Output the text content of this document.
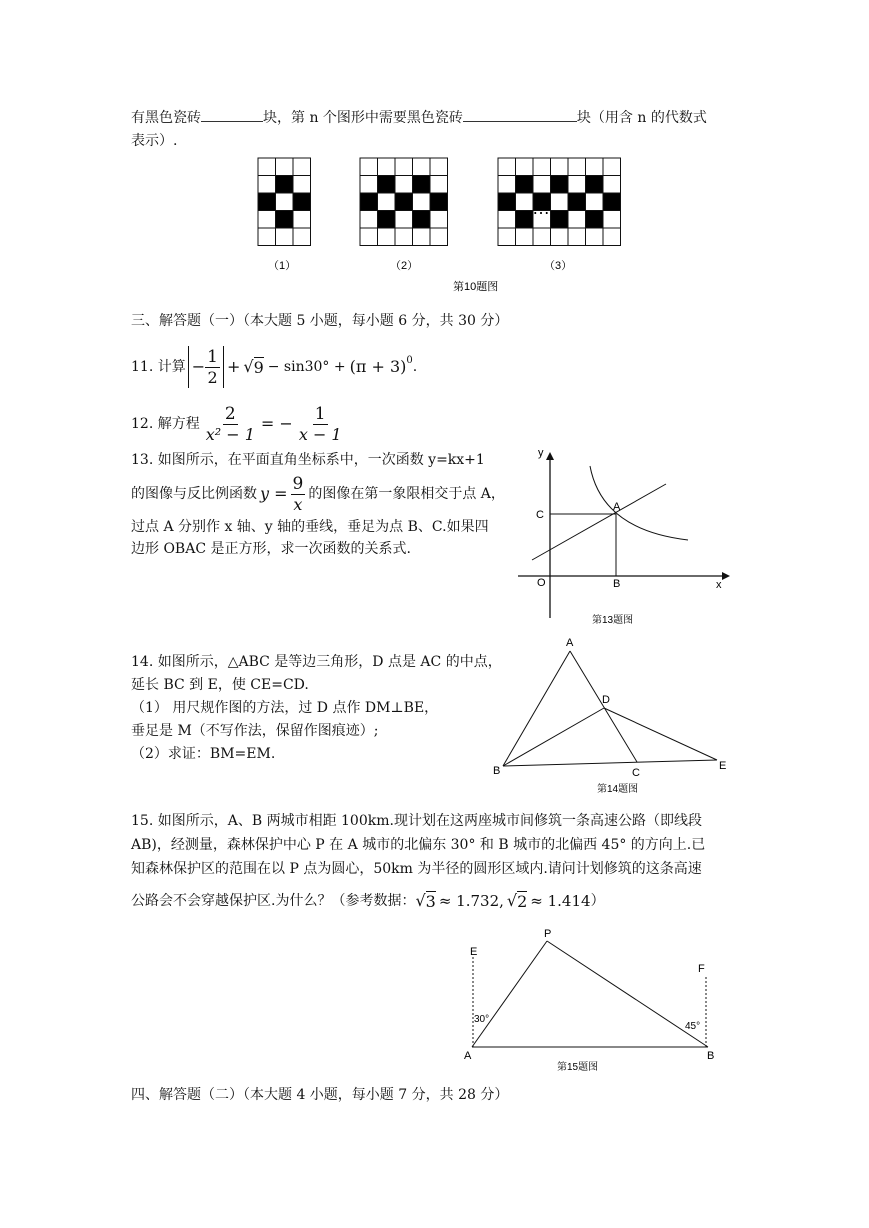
有黑色瓷砖	块，第 n 个图形中需要黑色瓷砖	块（用含 n 的代数式
表示）.
……
（1）	（2）	（3）
第10题图
三、解答题（一）（本大题 5 小题，每小题 6 分，共 30 分）
11. 计算 − $\frac{1}{2}$ + √ $9 - \sin 30^\circ + (\pi + 3)^0$ .
12. 解方程 $\frac{2}{\text{x² − 1}}$ = − $\frac{1}{x - 1}$
13. 如图所示，在平面直角坐标系中，一次函数 y=kx+1
的图像与反比例函数 $y = \frac{9}{x}$ 的图像在第一象限相交于点 A，
过点 A 分别作 x 轴、y 轴的垂线，垂足为点 B、C.如果四
边形 OBAC 是正方形，求一次函数的关系式.
y
x
O
A
C
B
第13题图
14. 如图所示，△ABC 是等边三角形，D 点是 AC 的中点，
延长 BC 到 E，使 CE=CD.
（1） 用尺规作图的方法，过 D 点作 DM⊥BE，
垂足是 M（不写作法，保留作图痕迹）;
（2）求证：BM=EM.
A
D
B	C
E
第14题图
15. 如图所示，A、B 两城市相距 100km.现计划在这两座城市间修筑一条高速公路（即线段
AB)，经测量，森林保护中心 P 在 A 城市的北偏东 30° 和 B 城市的北偏西 45° 的方向上.已
知森林保护区的范围在以 P 点为圆心，50km 为半径的圆形区域内.请问计划修筑的这条高速
公路会不会穿越保护区.为什么？（参考数据： √ 3 ≈ 1.732, √ 2 ≈ 1.414 ）
E
P
F
A	B
30°
45°
第15题图
四、解答题（二）（本大题 4 小题，每小题 7 分，共 28 分）
